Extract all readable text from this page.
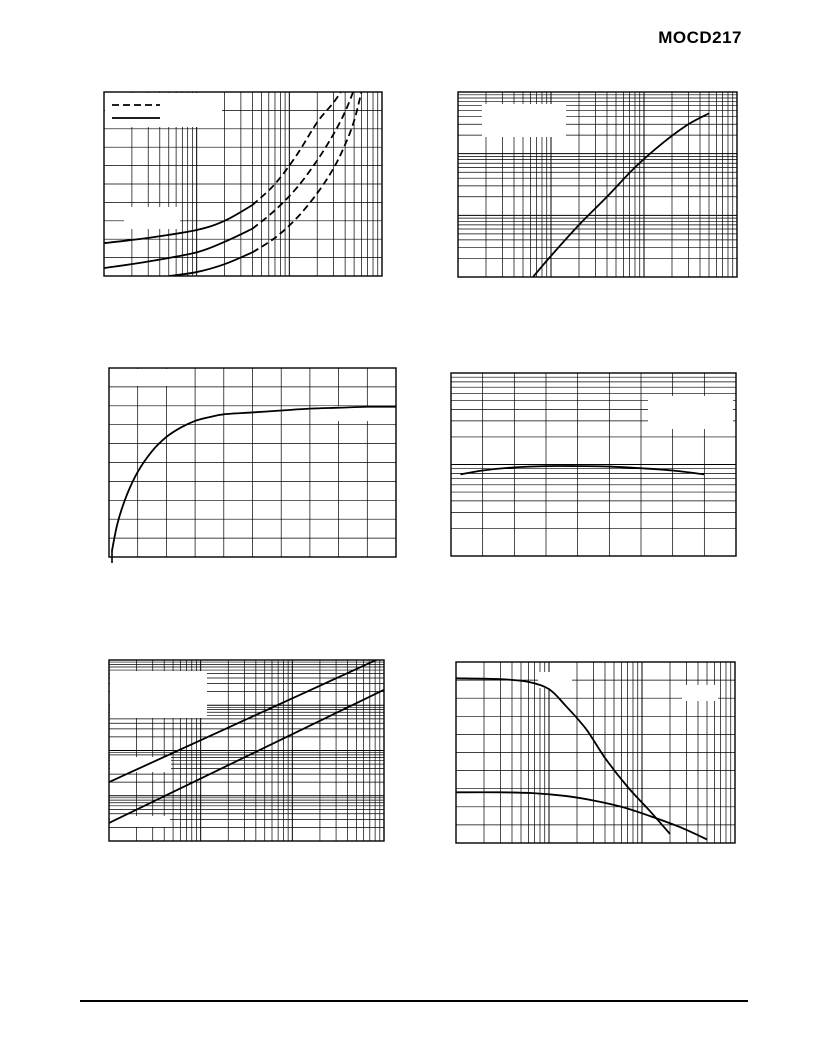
MOCD217
